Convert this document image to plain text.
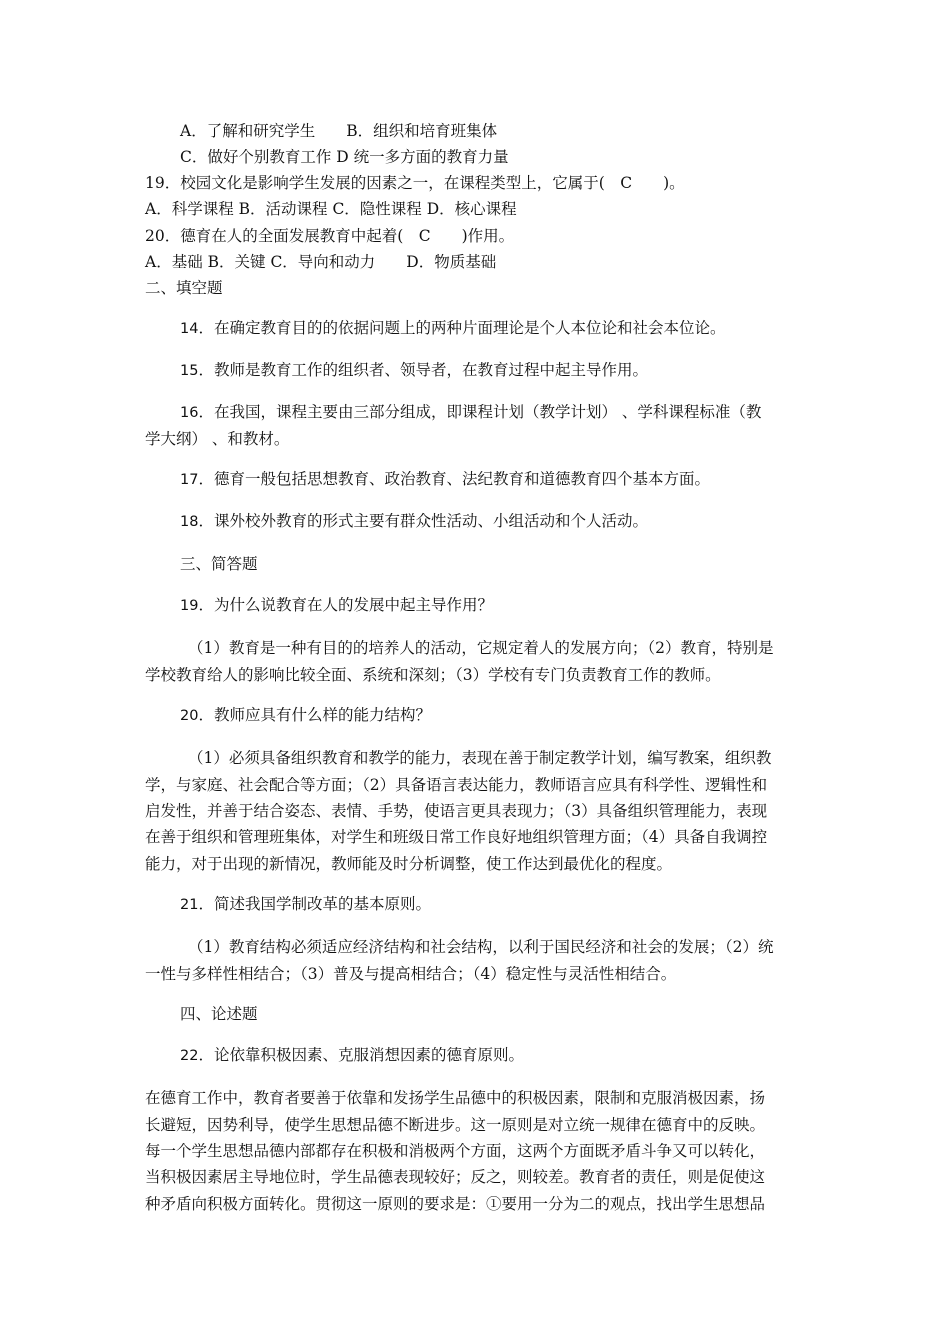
A．了解和研究学生　　B．组织和培育班集体
C．做好个别教育工作 D 统一多方面的教育力量
19．校园文化是影响学生发展的因素之一，在课程类型上，它属于(　C　　)。
A．科学课程 B．活动课程 C．隐性课程 D．核心课程
20．德育在人的全面发展教育中起着(　C　　)作用。
A．基础 B．关键 C．导向和动力　　D．物质基础
二、填空题
14．在确定教育目的的依据问题上的两种片面理论是个人本位论和社会本位论。
15．教师是教育工作的组织者、领导者，在教育过程中起主导作用。
16．在我国，课程主要由三部分组成，即课程计划（教学计划） 、学科课程标准（教
学大纲） 、和教材。
17．德育一般包括思想教育、政治教育、法纪教育和道德教育四个基本方面。
18．课外校外教育的形式主要有群众性活动、小组活动和个人活动。
三、简答题
19．为什么说教育在人的发展中起主导作用？
（1）教育是一种有目的的培养人的活动，它规定着人的发展方向；（2）教育，特别是
学校教育给人的影响比较全面、系统和深刻；（3）学校有专门负责教育工作的教师。
20．教师应具有什么样的能力结构？
（1）必须具备组织教育和教学的能力，表现在善于制定教学计划，编写教案，组织教
学，与家庭、社会配合等方面；（2）具备语言表达能力，教师语言应具有科学性、逻辑性和
启发性，并善于结合姿态、表情、手势，使语言更具表现力；（3）具备组织管理能力，表现
在善于组织和管理班集体，对学生和班级日常工作良好地组织管理方面；（4）具备自我调控
能力，对于出现的新情况，教师能及时分析调整，使工作达到最优化的程度。
21．简述我国学制改革的基本原则。
（1）教育结构必须适应经济结构和社会结构，以利于国民经济和社会的发展；（2）统
一性与多样性相结合；（3）普及与提高相结合；（4）稳定性与灵活性相结合。
四、论述题
22．论依靠积极因素、克服消想因素的德育原则。
在德育工作中，教育者要善于依靠和发扬学生品德中的积极因素，限制和克服消极因素，扬
长避短，因势利导，使学生思想品德不断进步。这一原则是对立统一规律在德育中的反映。
每一个学生思想品德内部都存在积极和消极两个方面，这两个方面既矛盾斗争又可以转化，
当积极因素居主导地位时，学生品德表现较好；反之，则较差。教育者的责任，则是促使这
种矛盾向积极方面转化。贯彻这一原则的要求是：①要用一分为二的观点，找出学生思想品
